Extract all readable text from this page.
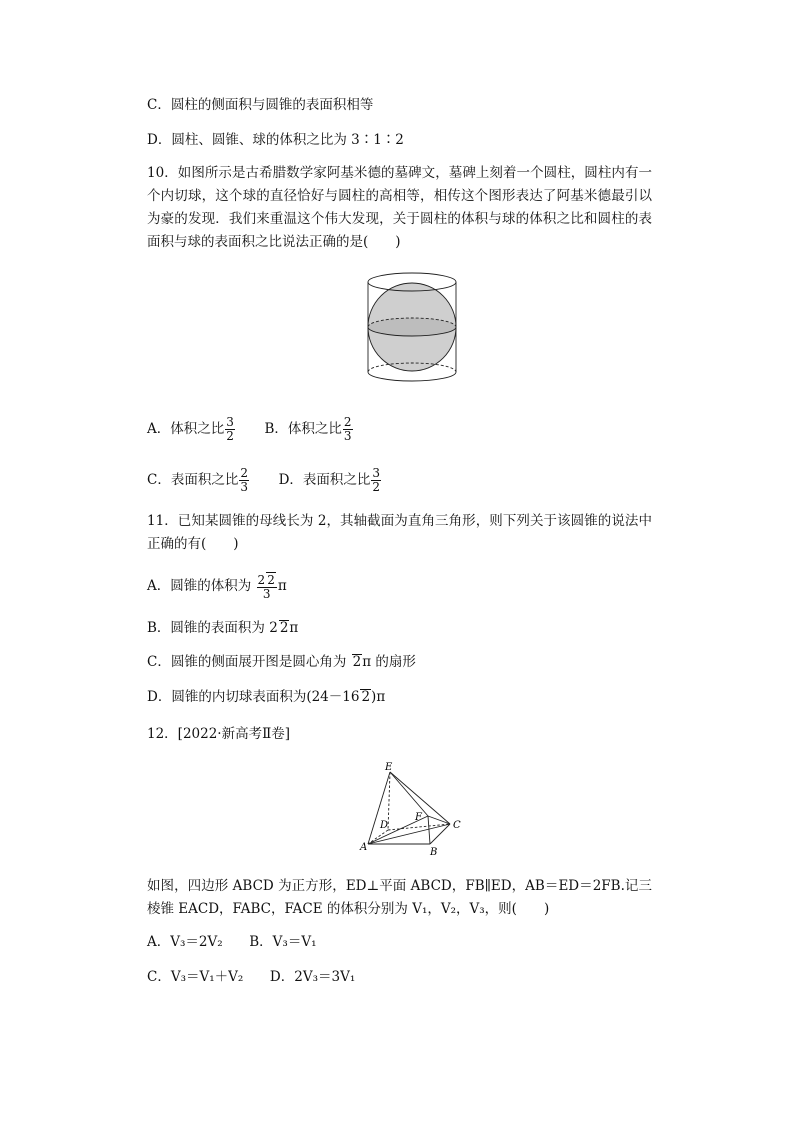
C．圆柱的侧面积与圆锥的表面积相等
D．圆柱、圆锥、球的体积之比为 3∶1∶2
10．如图所示是古希腊数学家阿基米德的墓碑文，墓碑上刻着一个圆柱，圆柱内有一个内切球，这个球的直径恰好与圆柱的高相等，相传这个图形表达了阿基米德最引以为豪的发现．我们来重温这个伟大发现，关于圆柱的体积与球的体积之比和圆柱的表面积与球的表面积之比说法正确的是(　　)
A．体积之比 $\frac{3}{2}$ B．体积之比 $\frac{2}{3}$
C．表面积之比 $\frac{2}{3}$ D．表面积之比 $\frac{3}{2}$
11．已知某圆锥的母线长为 2，其轴截面为直角三角形，则下列关于该圆锥的说法中正确的有(　　)
A．圆锥的体积为 $\frac{2 2}{3}$ π
B．圆锥的表面积为 2 2π
C．圆锥的侧面展开图是圆心角为 2π 的扇形
D．圆锥的内切球表面积为(24－16 2)π
12．[2022·新高考Ⅱ卷]
E
D
F
C
A	B
如图，四边形 ABCD 为正方形，ED⊥平面 ABCD，FB∥ED，AB＝ED＝2FB.记三棱锥 EACD，FABC，FACE 的体积分别为 V₁，V₂，V₃，则(　　)
A．V₃＝2V₂ B．V₃＝V₁
C．V₃＝V₁＋V₂ D．2V₃＝3V₁
